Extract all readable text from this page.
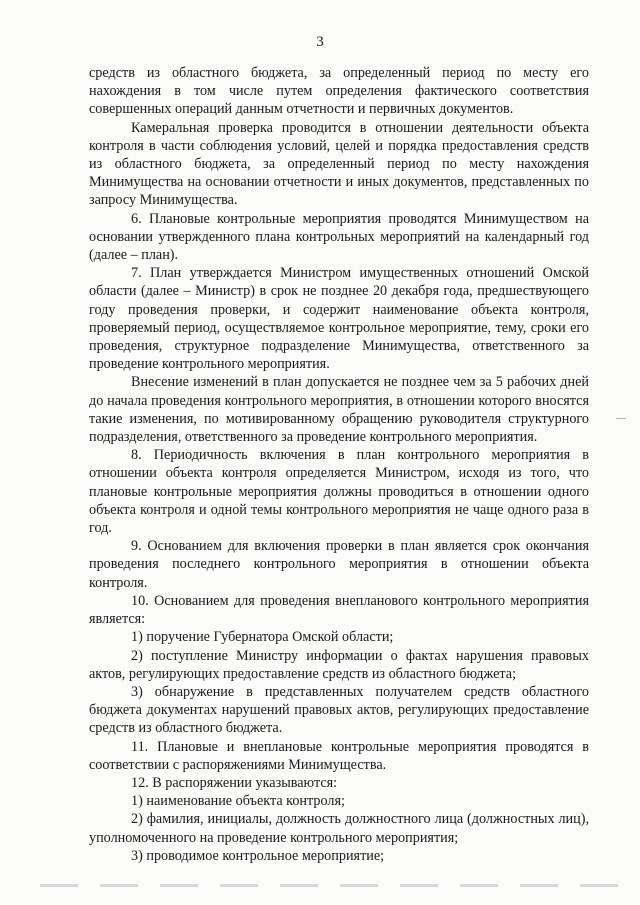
3

средств из областного бюджета, за определенный период по месту его нахождения в том числе путем определения фактического соответствия совершенных операций данным отчетности и первичных документов.

Камеральная проверка проводится в отношении деятельности объекта контроля в части соблюдения условий, целей и порядка предоставления средств из областного бюджета, за определенный период по месту нахождения Минимущества на основании отчетности и иных документов, представленных по запросу Минимущества.

6. Плановые контрольные мероприятия проводятся Минимуществом на основании утвержденного плана контрольных мероприятий на календарный год (далее – план).

7. План утверждается Министром имущественных отношений Омской области (далее – Министр) в срок не позднее 20 декабря года, предшествующего году проведения проверки, и содержит наименование объекта контроля, проверяемый период, осуществляемое контрольное мероприятие, тему, сроки его проведения, структурное подразделение Минимущества, ответственного за проведение контрольного мероприятия.

Внесение изменений в план допускается не позднее чем за 5 рабочих дней до начала проведения контрольного мероприятия, в отношении которого вносятся такие изменения, по мотивированному обращению руководителя структурного подразделения, ответственного за проведение контрольного мероприятия.

8. Периодичность включения в план контрольного мероприятия в отношении объекта контроля определяется Министром, исходя из того, что плановые контрольные мероприятия должны проводиться в отношении одного объекта контроля и одной темы контрольного мероприятия не чаще одного раза в год.

9. Основанием для включения проверки в план является срок окончания проведения последнего контрольного мероприятия в отношении объекта контроля.

10. Основанием для проведения внепланового контрольного мероприятия является:

1) поручение Губернатора Омской области;

2) поступление Министру информации о фактах нарушения правовых актов, регулирующих предоставление средств из областного бюджета;

3) обнаружение в представленных получателем средств областного бюджета документах нарушений правовых актов, регулирующих предоставление средств из областного бюджета.

11. Плановые и внеплановые контрольные мероприятия проводятся в соответствии с распоряжениями Минимущества.

12. В распоряжении указываются:

1) наименование объекта контроля;

2) фамилия, инициалы, должность должностного лица (должностных лиц), уполномоченного на проведение контрольного мероприятия;

3) проводимое контрольное мероприятие;
